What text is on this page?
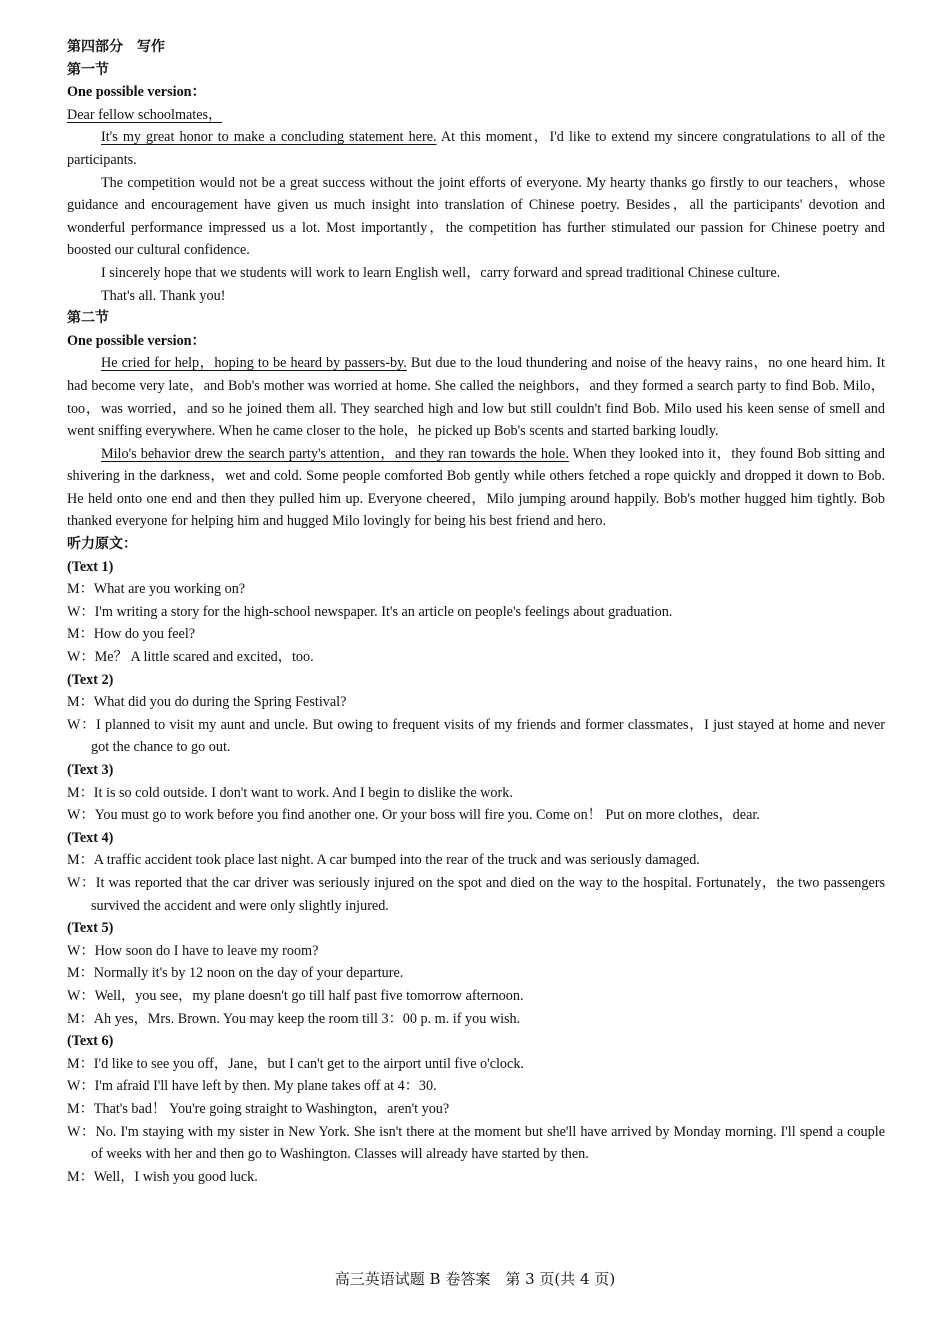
第四部分　写作
第一节
One possible version：
Dear fellow schoolmates，
It's my great honor to make a concluding statement here. At this moment，I'd like to extend my sincere congratulations to all of the participants.
The competition would not be a great success without the joint efforts of everyone. My hearty thanks go firstly to our teachers，whose guidance and encouragement have given us much insight into translation of Chinese poetry. Besides，all the participants' devotion and wonderful performance impressed us a lot. Most importantly，the competition has further stimulated our passion for Chinese poetry and boosted our cultural confidence.
I sincerely hope that we students will work to learn English well，carry forward and spread traditional Chinese culture.
That's all. Thank you!
第二节
One possible version：
He cried for help，hoping to be heard by passers-by. But due to the loud thundering and noise of the heavy rains，no one heard him. It had become very late，and Bob's mother was worried at home. She called the neighbors，and they formed a search party to find Bob. Milo，too，was worried，and so he joined them all. They searched high and low but still couldn't find Bob. Milo used his keen sense of smell and went sniffing everywhere. When he came closer to the hole，he picked up Bob's scents and started barking loudly.
Milo's behavior drew the search party's attention，and they ran towards the hole. When they looked into it，they found Bob sitting and shivering in the darkness，wet and cold. Some people comforted Bob gently while others fetched a rope quickly and dropped it down to Bob. He held onto one end and then they pulled him up. Everyone cheered，Milo jumping around happily. Bob's mother hugged him tightly. Bob thanked everyone for helping him and hugged Milo lovingly for being his best friend and hero.
听力原文：
(Text 1)
M：What are you working on?
W：I'm writing a story for the high-school newspaper. It's an article on people's feelings about graduation.
M：How do you feel?
W：Me？ A little scared and excited，too.
(Text 2)
M：What did you do during the Spring Festival?
W：I planned to visit my aunt and uncle. But owing to frequent visits of my friends and former classmates，I just stayed at home and never got the chance to go out.
(Text 3)
M：It is so cold outside. I don't want to work. And I begin to dislike the work.
W：You must go to work before you find another one. Or your boss will fire you. Come on！ Put on more clothes，dear.
(Text 4)
M：A traffic accident took place last night. A car bumped into the rear of the truck and was seriously damaged.
W：It was reported that the car driver was seriously injured on the spot and died on the way to the hospital. Fortunately，the two passengers survived the accident and were only slightly injured.
(Text 5)
W：How soon do I have to leave my room?
M：Normally it's by 12 noon on the day of your departure.
W：Well，you see，my plane doesn't go till half past five tomorrow afternoon.
M：Ah yes，Mrs. Brown. You may keep the room till 3：00 p. m. if you wish.
(Text 6)
M：I'd like to see you off，Jane，but I can't get to the airport until five o'clock.
W：I'm afraid I'll have left by then. My plane takes off at 4：30.
M：That's bad！ You're going straight to Washington，aren't you?
W：No. I'm staying with my sister in New York. She isn't there at the moment but she'll have arrived by Monday morning. I'll spend a couple of weeks with her and then go to Washington. Classes will already have started by then.
M：Well，I wish you good luck.
高三英语试题 B 卷答案　第 3 页(共 4 页)
